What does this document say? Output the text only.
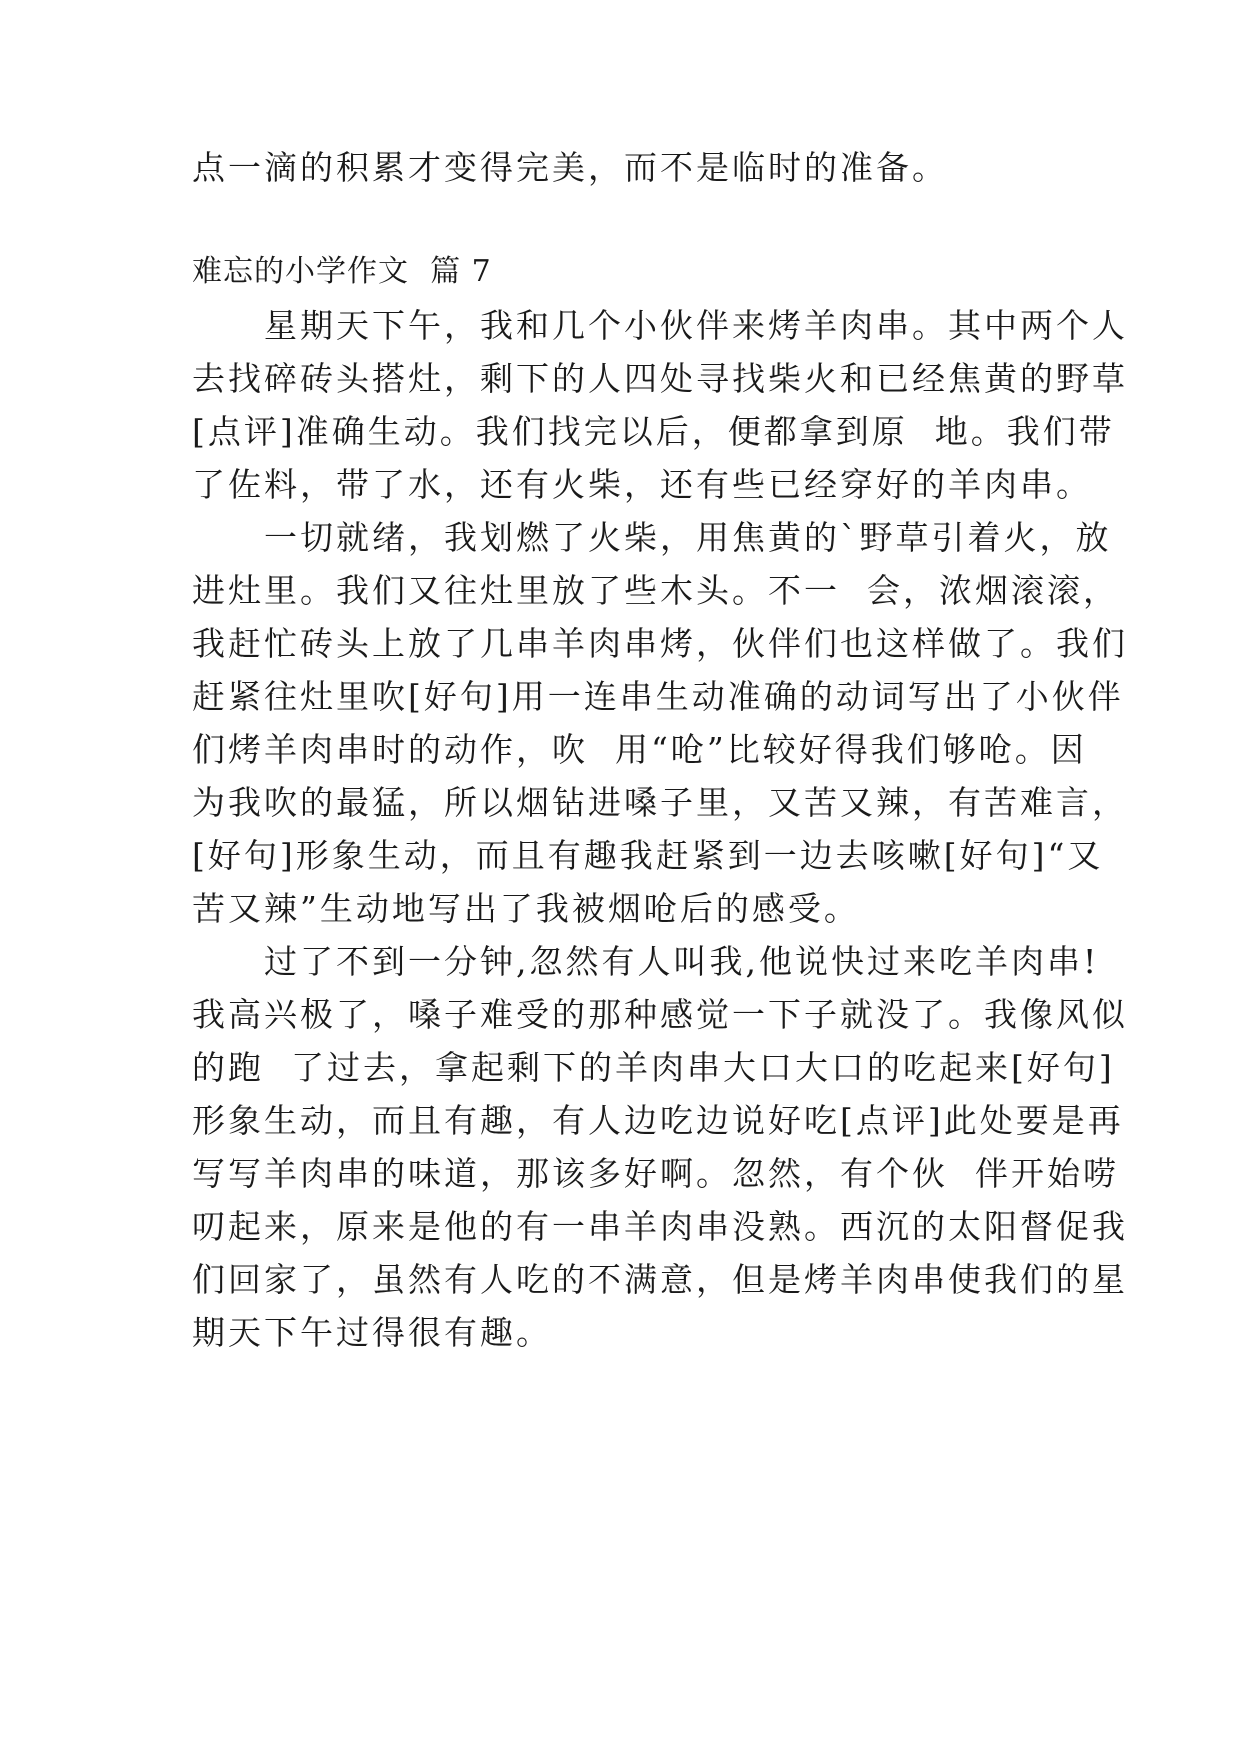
点一滴的积累才变得完美，而不是临时的准备。
难忘的小学作文  篇 7
　　星期天下午，我和几个小伙伴来烤羊肉串。其中两个人
去找碎砖头搭灶，剩下的人四处寻找柴火和已经焦黄的野草
[点评]准确生动。我们找完以后，便都拿到原  地。我们带
了佐料，带了水，还有火柴，还有些已经穿好的羊肉串。
　　一切就绪，我划燃了火柴，用焦黄的`野草引着火，放
进灶里。我们又往灶里放了些木头。不一  会，浓烟滚滚，
我赶忙砖头上放了几串羊肉串烤，伙伴们也这样做了。我们
赶紧往灶里吹[好句]用一连串生动准确的动词写出了小伙伴
们烤羊肉串时的动作，吹  用“呛”比较好得我们够呛。因
为我吹的最猛，所以烟钻进嗓子里，又苦又辣，有苦难言，
[好句]形象生动，而且有趣我赶紧到一边去咳嗽[好句]“又
苦又辣”生动地写出了我被烟呛后的感受。
　　过了不到一分钟,忽然有人叫我,他说快过来吃羊肉串!
我高兴极了，嗓子难受的那种感觉一下子就没了。我像风似
的跑  了过去，拿起剩下的羊肉串大口大口的吃起来[好句]
形象生动，而且有趣，有人边吃边说好吃[点评]此处要是再
写写羊肉串的味道，那该多好啊。忽然，有个伙  伴开始唠
叨起来，原来是他的有一串羊肉串没熟。西沉的太阳督促我
们回家了，虽然有人吃的不满意，但是烤羊肉串使我们的星
期天下午过得很有趣。
